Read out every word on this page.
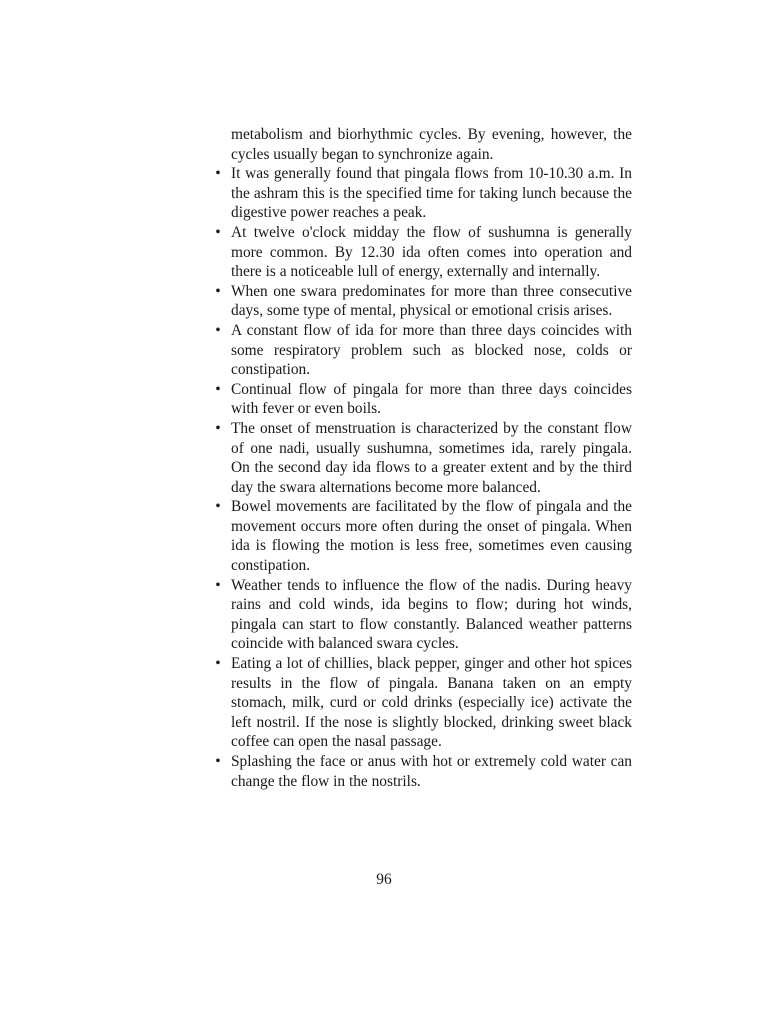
metabolism and biorhythmic cycles. By evening, however, the cycles usually began to synchronize again.

• It was generally found that pingala flows from 10-10.30 a.m. In the ashram this is the specified time for taking lunch because the digestive power reaches a peak.
• At twelve o'clock midday the flow of sushumna is generally more common. By 12.30 ida often comes into operation and there is a noticeable lull of energy, externally and internally.
• When one swara predominates for more than three consecutive days, some type of mental, physical or emotional crisis arises.
• A constant flow of ida for more than three days coincides with some respiratory problem such as blocked nose, colds or constipation.
• Continual flow of pingala for more than three days coincides with fever or even boils.
• The onset of menstruation is characterized by the constant flow of one nadi, usually sushumna, sometimes ida, rarely pingala. On the second day ida flows to a greater extent and by the third day the swara alternations become more balanced.
• Bowel movements are facilitated by the flow of pingala and the movement occurs more often during the onset of pingala. When ida is flowing the motion is less free, sometimes even causing constipation.
• Weather tends to influence the flow of the nadis. During heavy rains and cold winds, ida begins to flow; during hot winds, pingala can start to flow constantly. Balanced weather patterns coincide with balanced swara cycles.
• Eating a lot of chillies, black pepper, ginger and other hot spices results in the flow of pingala. Banana taken on an empty stomach, milk, curd or cold drinks (especially ice) activate the left nostril. If the nose is slightly blocked, drinking sweet black coffee can open the nasal passage.
• Splashing the face or anus with hot or extremely cold water can change the flow in the nostrils.
96
